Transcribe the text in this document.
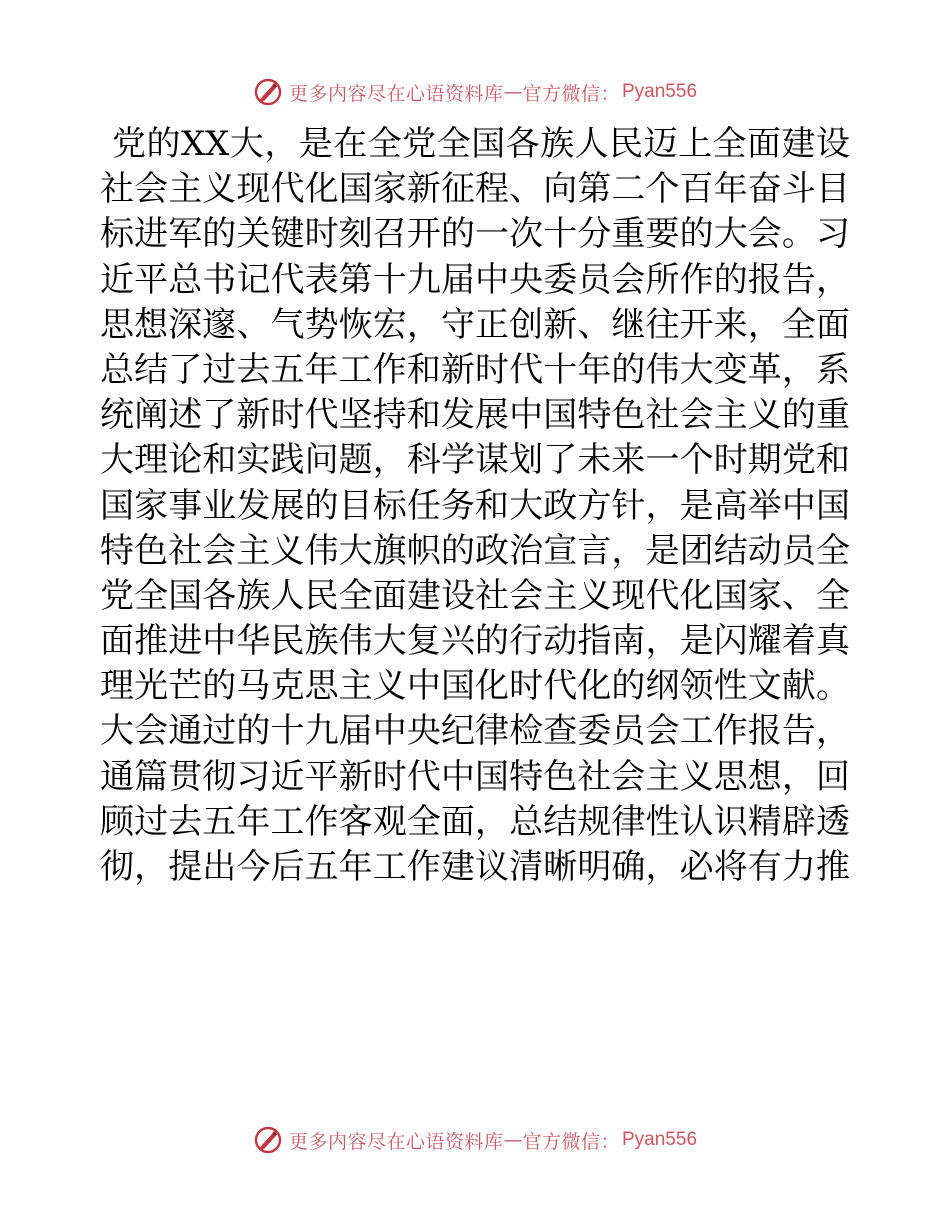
更多内容尽在心语资料库 — 官方微信： Pyan556
党的XX大，是在全党全国各族人民迈上全面建设
社会主义现代化国家新征程、向第二个百年奋斗目
标进军的关键时刻召开的一次十分重要的大会。习
近平总书记代表第十九届中央委员会所作的报告，
思想深邃、气势恢宏，守正创新、继往开来，全面
总结了过去五年工作和新时代十年的伟大变革，系
统阐述了新时代坚持和发展中国特色社会主义的重
大理论和实践问题，科学谋划了未来一个时期党和
国家事业发展的目标任务和大政方针，是高举中国
特色社会主义伟大旗帜的政治宣言，是团结动员全
党全国各族人民全面建设社会主义现代化国家、全
面推进中华民族伟大复兴的行动指南，是闪耀着真
理光芒的马克思主义中国化时代化的纲领性文献。
大会通过的十九届中央纪律检查委员会工作报告，
通篇贯彻习近平新时代中国特色社会主义思想，回
顾过去五年工作客观全面，总结规律性认识精辟透
彻，提出今后五年工作建议清晰明确，必将有力推
更多内容尽在心语资料库 — 官方微信： Pyan556
